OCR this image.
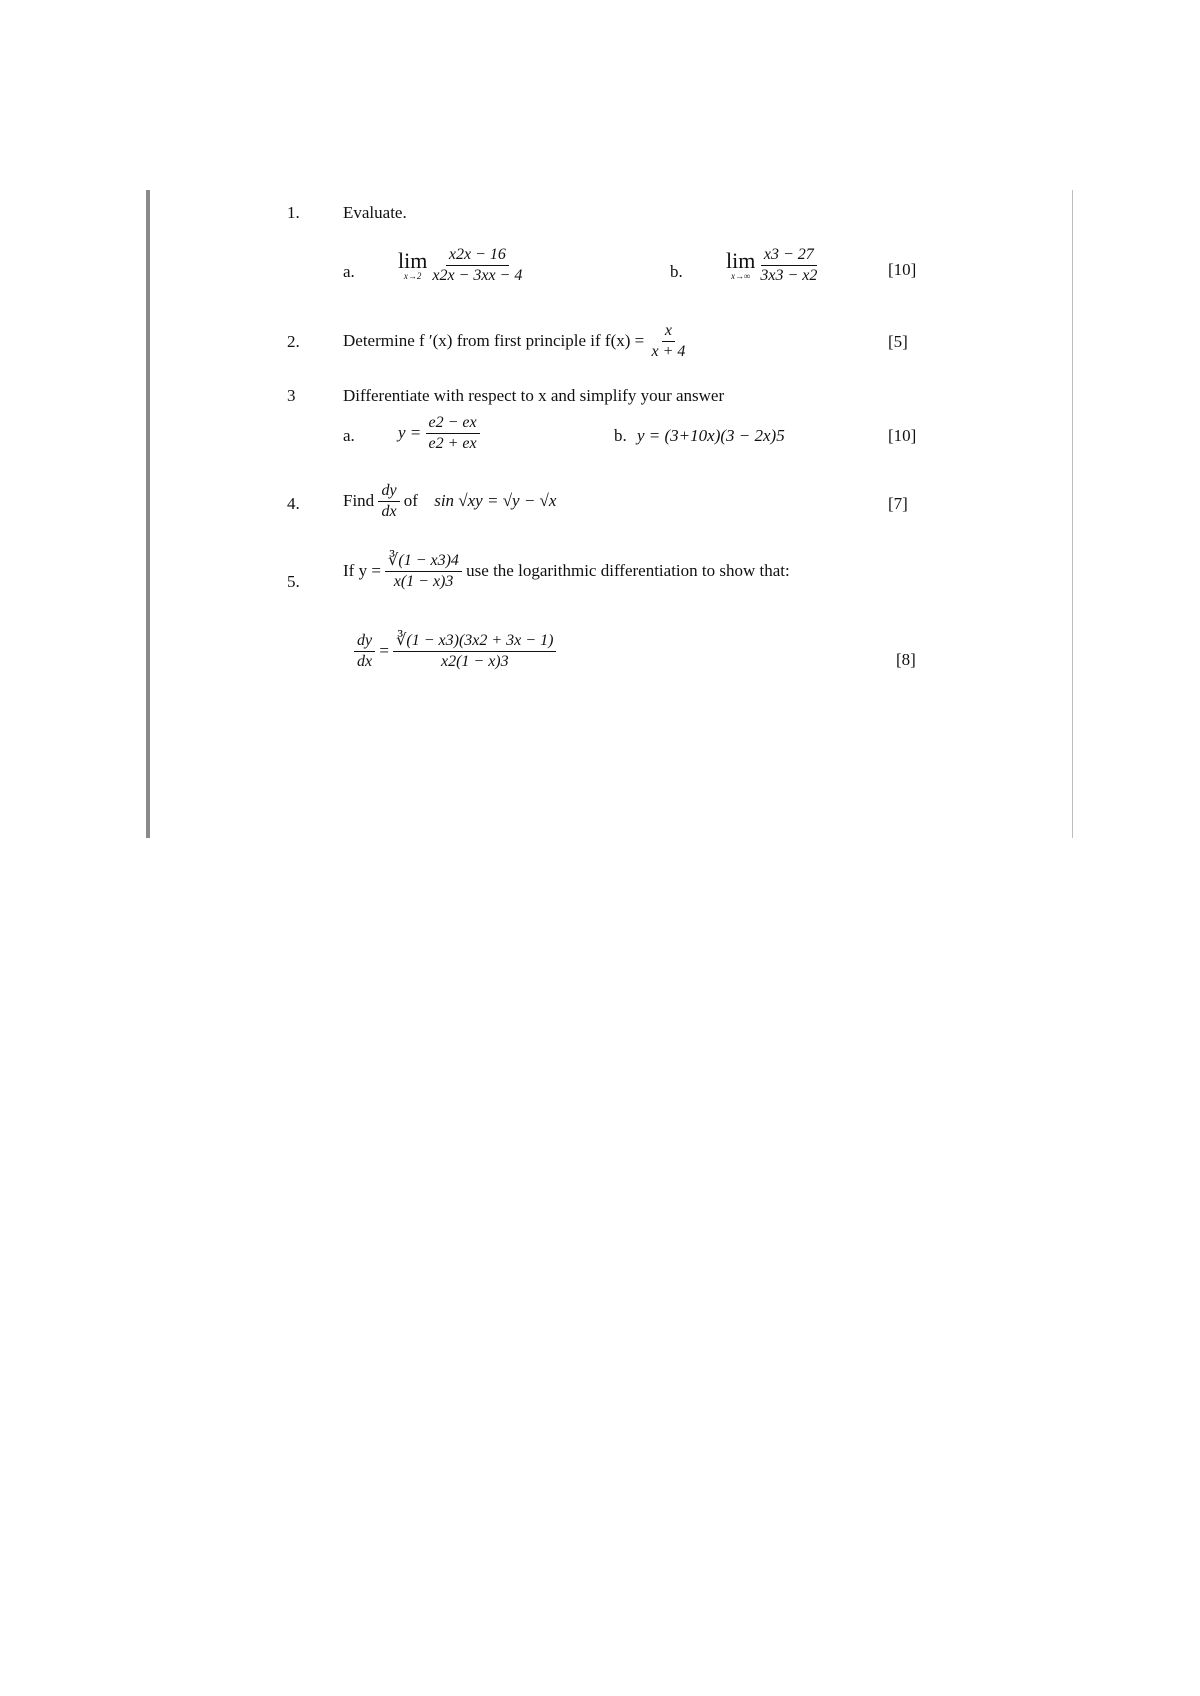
1.	Evaluate.
a. lim
$x\to 2 \frac{x2x - 16}{x2x - 3xx - 4}$	b. lim
$x\to\infty \frac{x3 - 27}{3x3 - x2}$	[10]
2.	Determine f ′(x) from first principle if $f(x) = \frac{x}{x + 4}$	[5]
3	Differentiate with respect to x and simplify your answer
a.	$y = \frac{e2 - ex}{e2 + ex}$	b. y = (3+10x)(3 − 2x)5	[10]
4.	Find $\frac{dy}{dx}$ of sin √xy = √y − √x	[7]
5.
If $y = \frac{∛(1 - x3)4}{x(1 - x)3}$ use the logarithmic differentiation to show that:
$\frac{dy}{dx} = \frac{∛(1 - x3)(3x2 + 3x - 1)}{x2(1 - x)3}$	[8]
